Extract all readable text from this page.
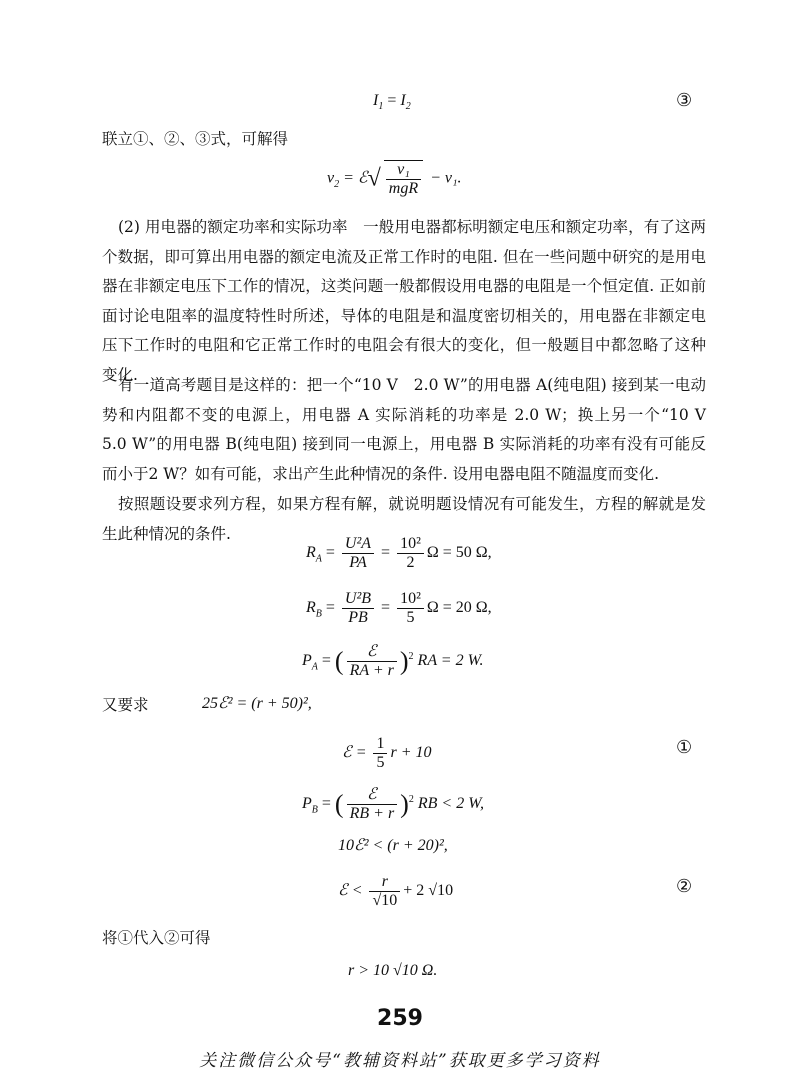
$I_1 = I_2$	③
联立①、②、③式，可解得
$v_2$ = ℰ√ $\frac{\text{v₁}}{\text{mgR}} - v_1$.
(2) 用电器的额定功率和实际功率　一般用电器都标明额定电压和额定功率，有了这两个数据，即可算出用电器的额定电流及正常工作时的电阻. 但在一些问题中研究的是用电器在非额定电压下工作的情况，这类问题一般都假设用电器的电阻是一个恒定值. 正如前面讨论电阻率的温度特性时所述，导体的电阻是和温度密切相关的，用电器在非额定电压下工作时的电阻和它正常工作时的电阻会有很大的变化，但一般题目中都忽略了这种变化.
有一道高考题目是这样的：把一个“10 V　2.0 W”的用电器 A(纯电阻) 接到某一电动势和内阻都不变的电源上，用电器 A 实际消耗的功率是 2.0 W；换上另一个“10 V　5.0 W”的用电器 B(纯电阻) 接到同一电源上，用电器 B 实际消耗的功率有没有可能反而小于2 W？如有可能，求出产生此种情况的条件. 设用电器电阻不随温度而变化.
按照题设要求列方程，如果方程有解，就说明题设情况有可能发生，方程的解就是发生此种情况的条件.
$R_A = \frac{\text{U²A}}{PA} = \frac{\text{10²}}{2}$ Ω = 50 Ω,
$R_B = \frac{\text{U²B}}{PB} = \frac{\text{10²}}{5}$ Ω = 20 Ω,
$P_A$ = ( $\frac{\text{ℰ}}{RA + r} )^2$ RA = 2 W.
又要求	25ℰ² = (r + 50)²,
ℰ = $\frac{1}{5}$ r + 10	①
$P_B$ = ( $\frac{\text{ℰ}}{RB + r} )^2$ RB < 2 W,
10ℰ² < (r + 20)²,
ℰ < $\frac{r}{√10} + 2$ √10	②
将①代入②可得
r > 10 √10 Ω.
259
关注微信公众号“教辅资料站”获取更多学习资料
